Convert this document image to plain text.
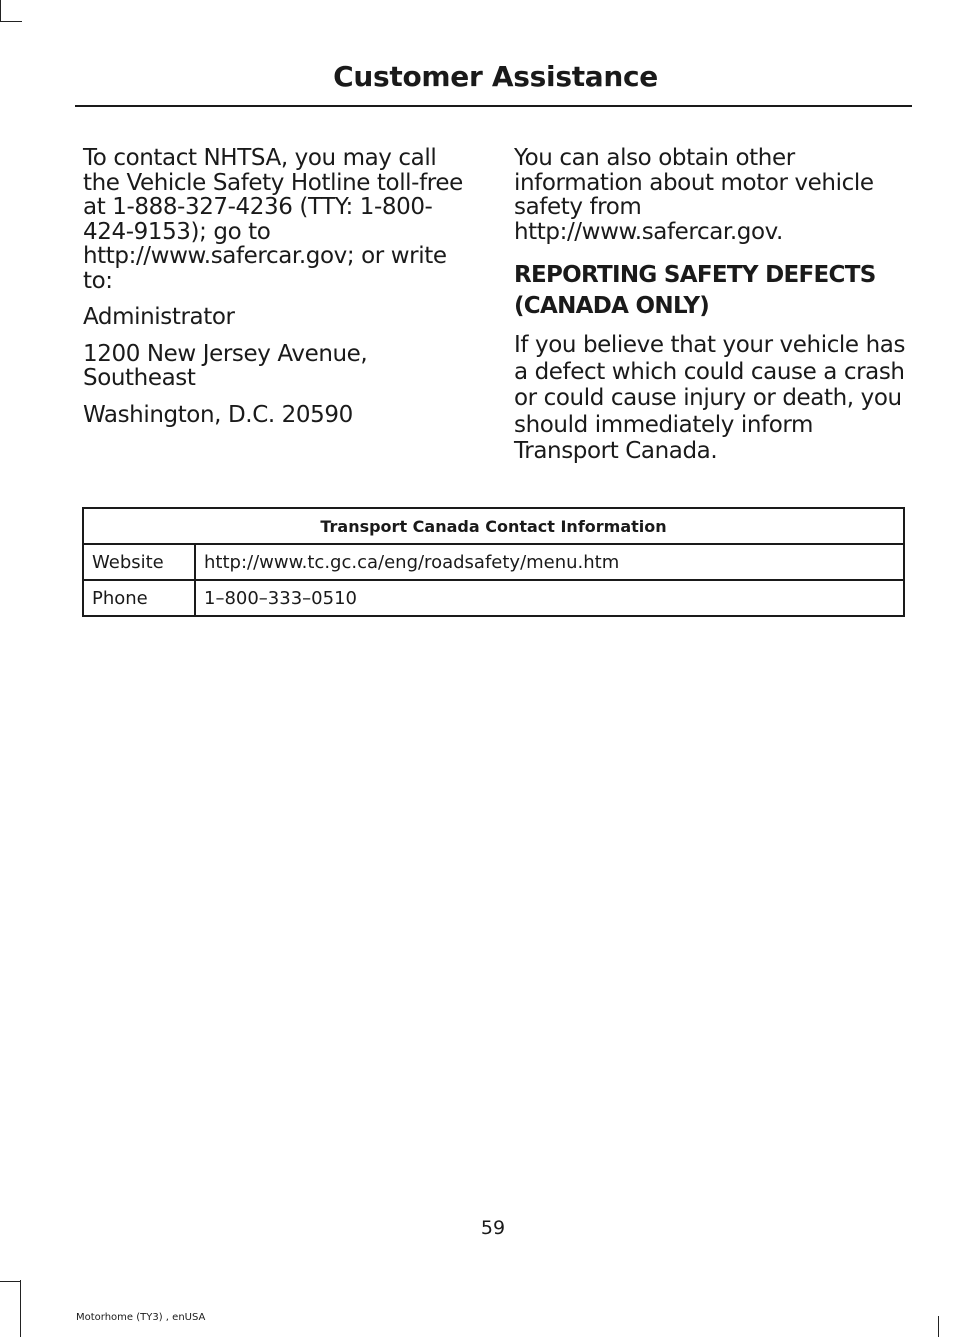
Customer Assistance

To contact NHTSA, you may call the Vehicle Safety Hotline toll-free at 1-888-327-4236 (TTY: 1-800-424-9153); go to http://www.safercar.gov; or write to:

Administrator

1200 New Jersey Avenue, Southeast

Washington, D.C. 20590

You can also obtain other information about motor vehicle safety from http://www.safercar.gov.

REPORTING SAFETY DEFECTS
(CANADA ONLY)

If you believe that your vehicle has a defect which could cause a crash or could cause injury or death, you should immediately inform Transport Canada.

Transport Canada Contact Information	
Website	http://www.tc.gc.ca/eng/roadsafety/menu.htm
Phone	1–800–333–0510
59
Motorhome (TY3) , enUSA
